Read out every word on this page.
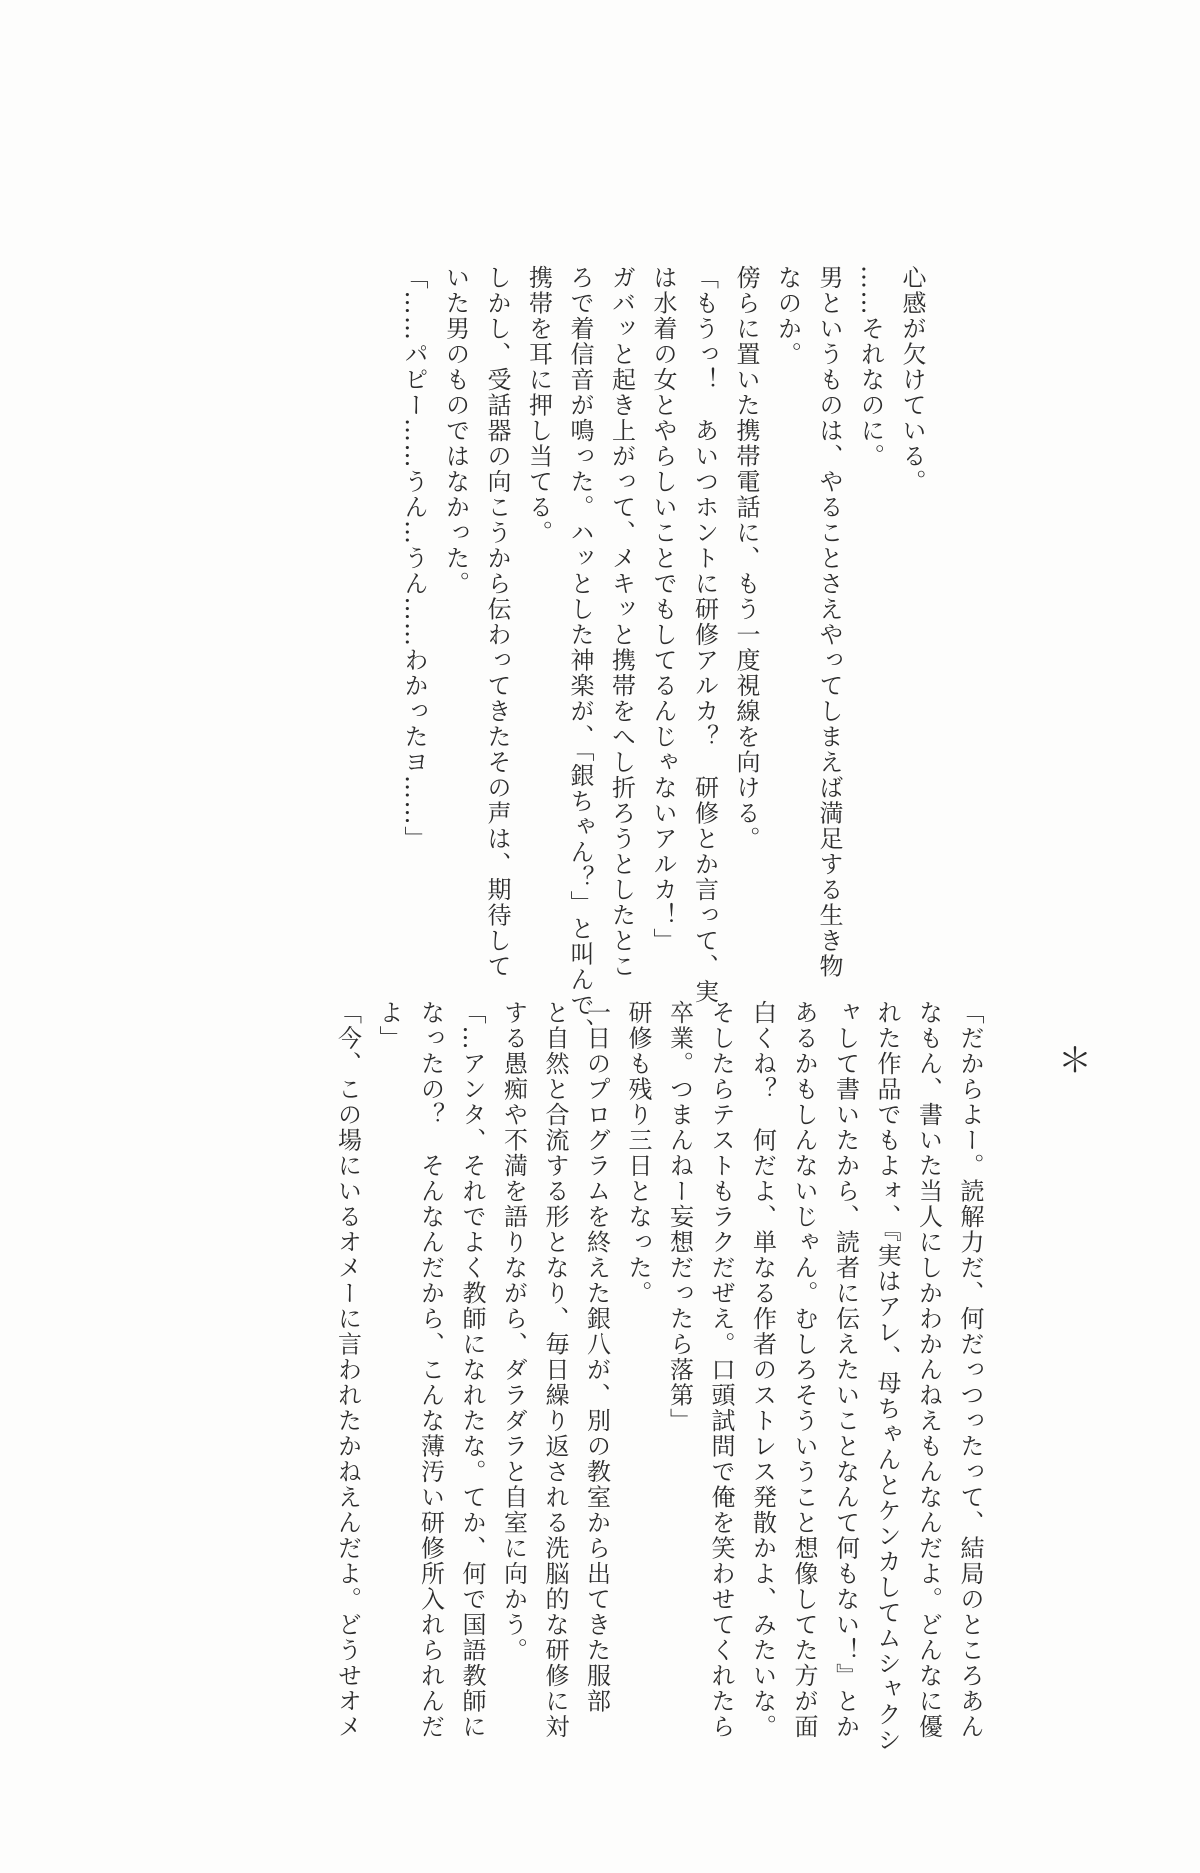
心感が欠けている。

……それなのに。

男というものは、やることさえやってしまえば満足する生き物

なのか。

傍らに置いた携帯電話に、もう一度視線を向ける。

「もうっ！　あいつホントに研修アルカ？　研修とか言って、実

は水着の女とやらしいことでもしてるんじゃないアルカ！」

ガバッと起き上がって、メキッと携帯をへし折ろうとしたとこ

ろで着信音が鳴った。ハッとした神楽が、「銀ちゃん？」と叫んで、

携帯を耳に押し当てる。

しかし、受話器の向こうから伝わってきたその声は、期待して

いた男のものではなかった。

「……パピー……うん…うん……わかったヨ……」

＊

「だからよー。読解力だ、何だっつったって、結局のところあん

なもん、書いた当人にしかわかんねえもんなんだよ。どんなに優

れた作品でもよォ、『実はアレ、母ちゃんとケンカしてムシャクシ

ャして書いたから、読者に伝えたいことなんて何もない！』とか

あるかもしんないじゃん。むしろそういうこと想像してた方が面

白くね？　何だよ、単なる作者のストレス発散かよ、みたいな。

そしたらテストもラクだぜえ。口頭試問で俺を笑わせてくれたら

卒業。つまんねー妄想だったら落第」

研修も残り三日となった。

一日のプログラムを終えた銀八が、別の教室から出てきた服部

と自然と合流する形となり、毎日繰り返される洗脳的な研修に対

する愚痴や不満を語りながら、ダラダラと自室に向かう。

「…アンタ、それでよく教師になれたな。てか、何で国語教師に

なったの？　そんなんだから、こんな薄汚い研修所入れられんだ

よ」

「今、この場にいるオメーに言われたかねえんだよ。どうせオメ
